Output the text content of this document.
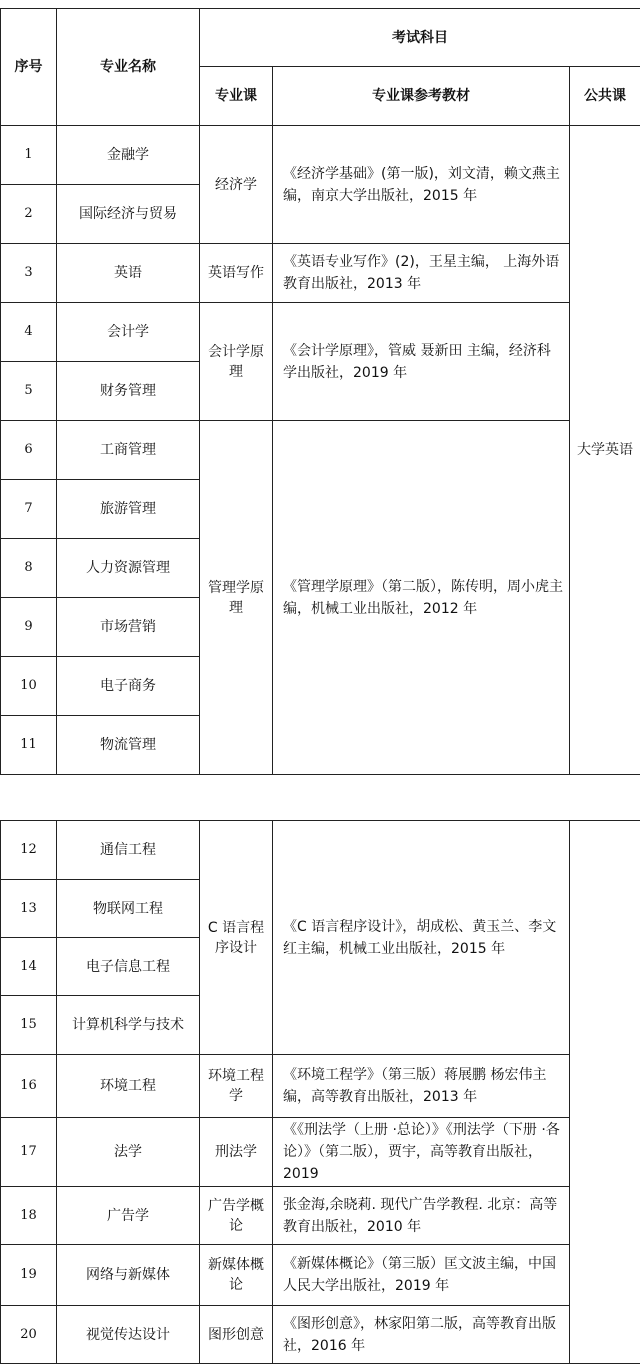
序号	专业名称	考试科目		
		专业课	专业课参考教材	公共课
1	金融学	经济学	《经济学基础》(第一版)，刘文清，赖文燕主编，南京大学出版社，2015 年	大学英语
2	国际经济与贸易			
3	英语	英语写作	《英语专业写作》(2)，王星主编， 上海外语教育出版社，2013 年	
4	会计学	会计学原理	《会计学原理》，管威 聂新田 主编，经济科学出版社，2019 年	
5	财务管理			
6	工商管理	管理学原理	《管理学原理》（第二版），陈传明，周小虎主编，机械工业出版社，2012 年	
7	旅游管理			
8	人力资源管理			
9	市场营销			
10	电子商务			
11	物流管理			
12	通信工程	C 语言程序设计	《C 语言程序设计》，胡成松、黄玉兰、李文红主编，机械工业出版社，2015 年	
13	物联网工程			
14	电子信息工程			
15	计算机科学与技术			
16	环境工程	环境工程学	《环境工程学》（第三版）蒋展鹏 杨宏伟主编，高等教育出版社，2013 年	
17	法学	刑法学	《《刑法学（上册 ·总论）》《刑法学（下册 ·各论）》（第二版），贾宇，高等教育出版社，2019	
18	广告学	广告学概论	张金海,余晓莉. 现代广告学教程. 北京：高等教育出版社，2010 年	
19	网络与新媒体	新媒体概论	《新媒体概论》（第三版）匡文波主编，中国人民大学出版社，2019 年	
20	视觉传达设计	图形创意	《图形创意》，林家阳第二版，高等教育出版社，2016 年	
